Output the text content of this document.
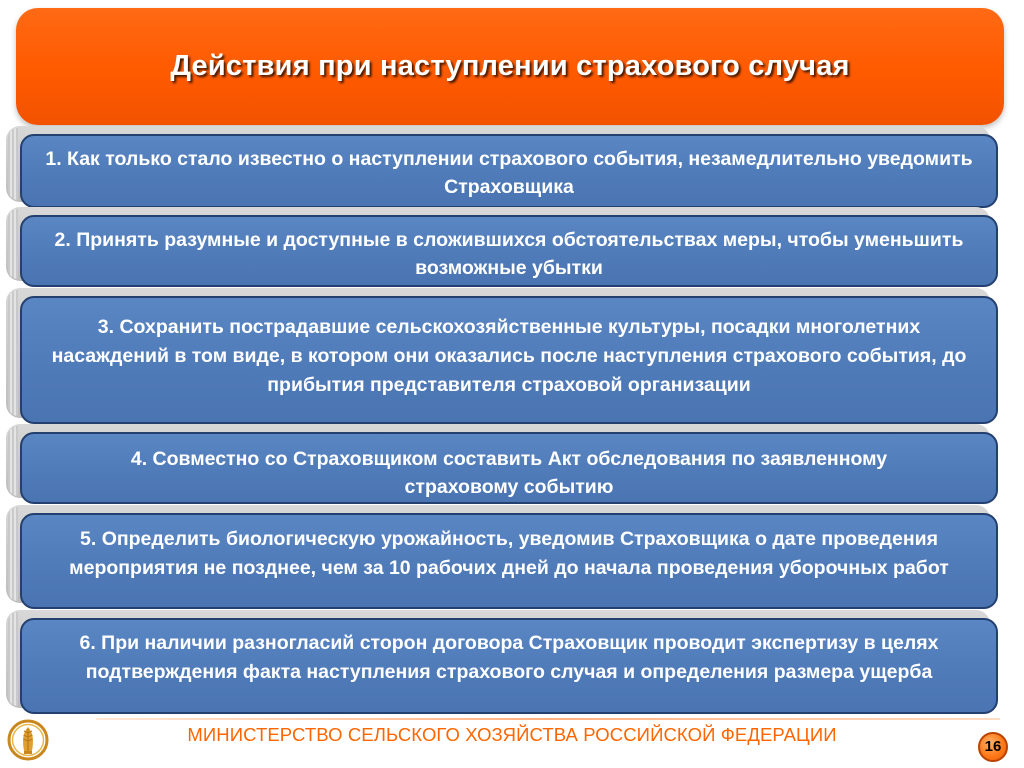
Действия при наступлении страхового случая
1. Как только стало известно о наступлении страхового события, незамедлительно уведомить Страховщика
2. Принять разумные и доступные в сложившихся обстоятельствах меры, чтобы уменьшить возможные убытки
3. Сохранить пострадавшие сельскохозяйственные культуры, посадки многолетних насаждений в том виде, в котором они оказались после наступления страхового события, до прибытия представителя страховой организации
4. Совместно со Страховщиком составить Акт обследования по заявленному страховому событию
5. Определить биологическую урожайность, уведомив Страховщика о дате проведения мероприятия не позднее, чем за 10 рабочих дней до начала проведения уборочных работ
6. При наличии разногласий сторон договора Страховщик проводит экспертизу в целях подтверждения факта наступления страхового случая и определения размера ущерба
МИНИСТЕРСТВО СЕЛЬСКОГО ХОЗЯЙСТВА РОССИЙСКОЙ ФЕДЕРАЦИИ
16
